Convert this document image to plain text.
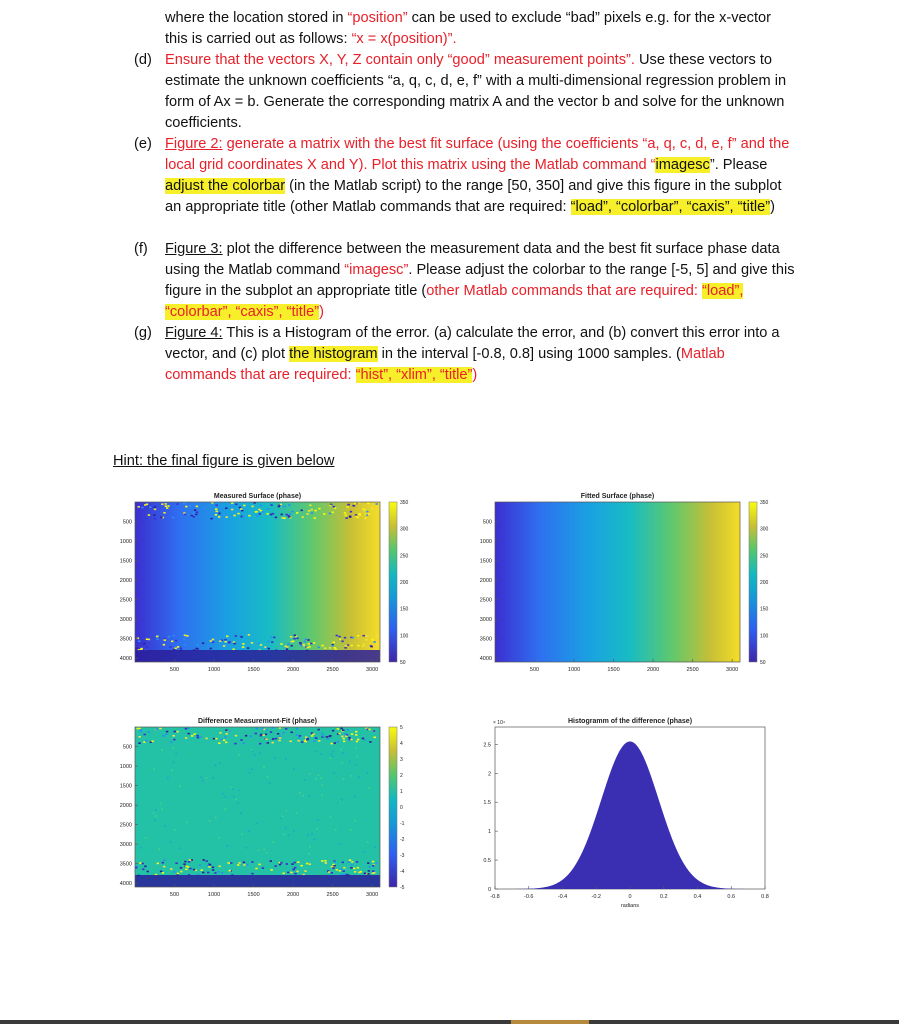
where the location stored in “position” can be used to exclude “bad” pixels e.g. for the x-vector
this is carried out as follows: “x = x(position)”.
(d) Ensure that the vectors X, Y, Z contain only “good” measurement points”. Use these vectors to estimate the unknown coefficients “a, q, c, d, e, f” with a multi-dimensional regression problem in form of Ax = b. Generate the corresponding matrix A and the vector b and solve for the unknown coefficients.
(e) Figure 2: generate a matrix with the best fit surface (using the coefficients “a, q, c, d, e, f” and the local grid coordinates X and Y). Plot this matrix using the Matlab command “imagesc”. Please adjust the colorbar (in the Matlab script) to the range [50, 350] and give this figure in the subplot an appropriate title (other Matlab commands that are required: “load”, “colorbar”, “caxis”, “title”)
(f) Figure 3: plot the difference between the measurement data and the best fit surface phase data using the Matlab command “imagesc”. Please adjust the colorbar to the range [-5, 5] and give this figure in the subplot an appropriate title (other Matlab commands that are required: “load”, “colorbar”, “caxis”, “title”)
(g) Figure 4: This is a Histogram of the error. (a) calculate the error, and (b) convert this error into a vector, and (c) plot the histogram in the interval [-0.8, 0.8] using 1000 samples. (Matlab commands that are required: “hist”, “xlim”, “title”)
Hint: the final figure is given below
Measured Surface (phase)
500	1000	1500	2000	2500	3000
500
1000
1500
2000
2500
3000
3500
4000
50
100
150
200
250
300
350
Fitted Surface (phase)
500	1000	1500	2000	2500	3000
500
1000
1500
2000
2500
3000
3500
4000
50
100
150
200
250
300
350
Difference Measurement-Fit (phase)
500	1000	1500	2000	2500	3000
500
1000
1500
2000
2500
3000
3500
4000
-5
-4
-3
-2
-1
0
1
2
3
4
5
Histogramm of the difference (phase)
-0.8	-0.6	-0.4	-0.2	0	0.2	0.4	0.6	0.8
0
0.5
1
1.5
2
2.5
radians
× 10⁴
